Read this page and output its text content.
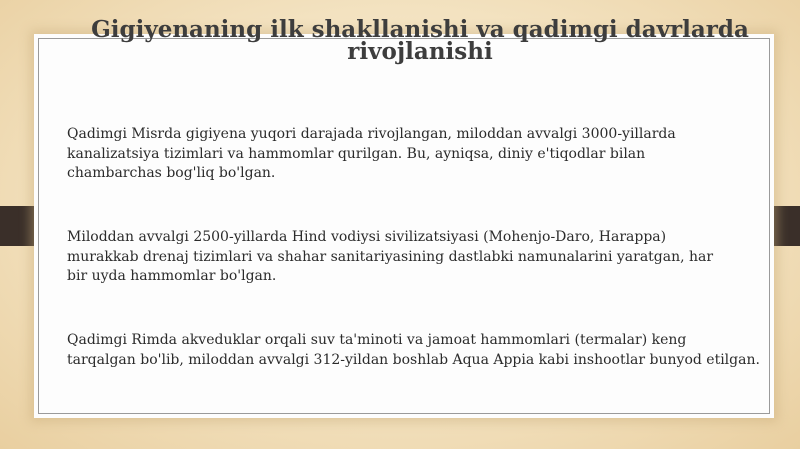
Gigiyenaning ilk shakllanishi va qadimgi davrlarda
rivojlanishi

Qadimgi Misrda gigiyena yuqori darajada rivojlangan, miloddan avvalgi 3000-yillarda
kanalizatsiya tizimlari va hammomlar qurilgan. Bu, ayniqsa, diniy e'tiqodlar bilan
chambarchas bog'liq bo'lgan.

Miloddan avvalgi 2500-yillarda Hind vodiysi sivilizatsiyasi (Mohenjo-Daro, Harappa)
murakkab drenaj tizimlari va shahar sanitariyasining dastlabki namunalarini yaratgan, har
bir uyda hammomlar bo'lgan.

Qadimgi Rimda akveduklar orqali suv ta'minoti va jamoat hammomlari (termalar) keng
tarqalgan bo'lib, miloddan avvalgi 312-yildan boshlab Aqua Appia kabi inshootlar bunyod etilgan.
